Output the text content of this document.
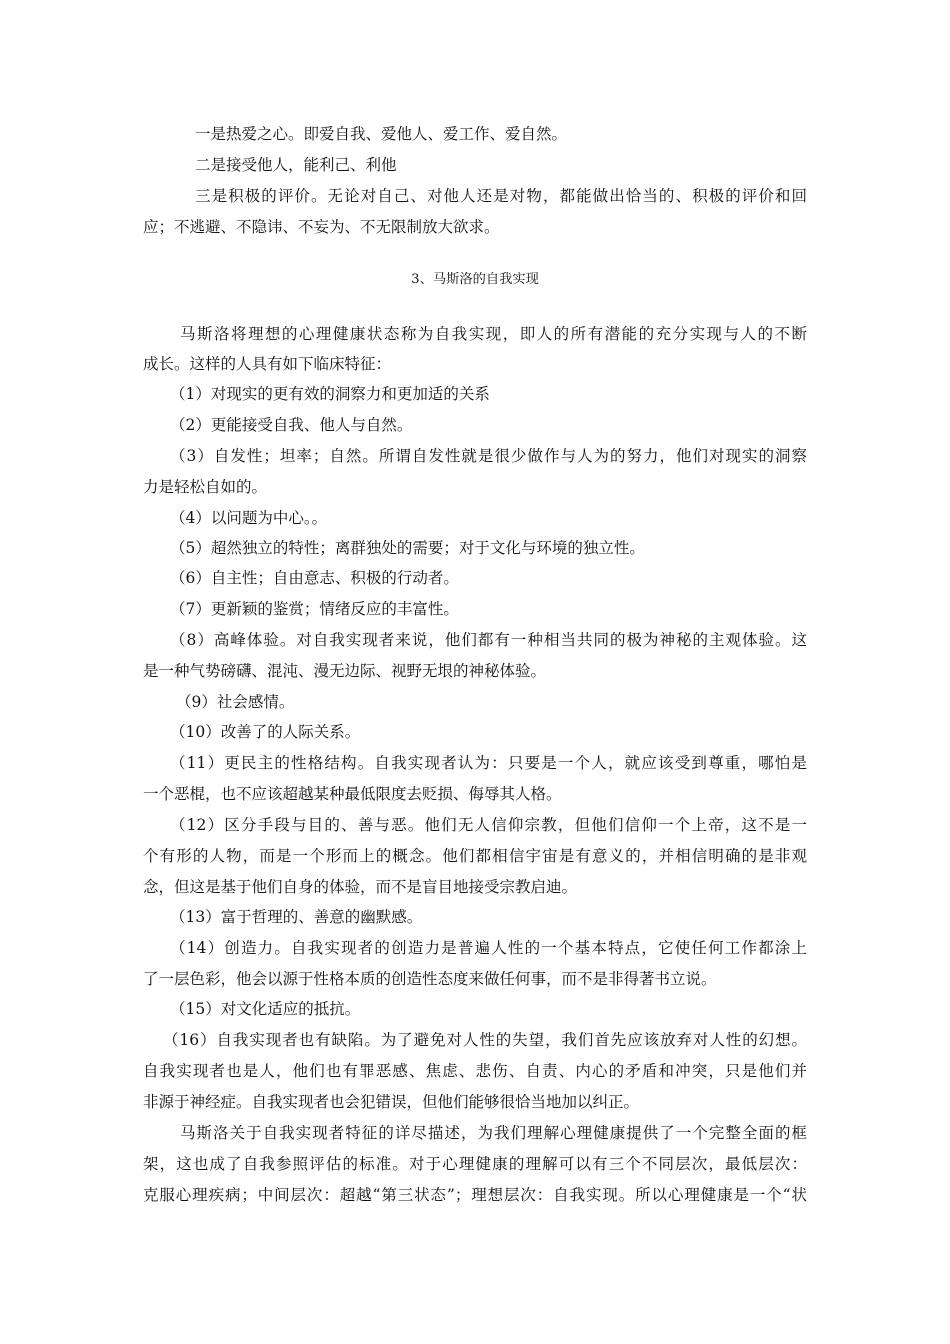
一是热爱之心。即爱自我、爱他人、爱工作、爱自然。
二是接受他人，能利己、利他
三是积极的评价。无论对自己、对他人还是对物，都能做出恰当的、积极的评价和回
应；不逃避、不隐讳、不妄为、不无限制放大欲求。
3、马斯洛的自我实现
马斯洛将理想的心理健康状态称为自我实现，即人的所有潜能的充分实现与人的不断
成长。这样的人具有如下临床特征：
（1）对现实的更有效的洞察力和更加适的关系
（2）更能接受自我、他人与自然。
（3）自发性；坦率；自然。所谓自发性就是很少做作与人为的努力，他们对现实的洞察
力是轻松自如的。
（4）以问题为中心。。
（5）超然独立的特性；离群独处的需要；对于文化与环境的独立性。
（6）自主性；自由意志、积极的行动者。
（7）更新颖的鉴赏；情绪反应的丰富性。
（8）高峰体验。对自我实现者来说，他们都有一种相当共同的极为神秘的主观体验。这
是一种气势磅礴、混沌、漫无边际、视野无垠的神秘体验。
（9）社会感情。
（10）改善了的人际关系。
（11）更民主的性格结构。自我实现者认为：只要是一个人，就应该受到尊重，哪怕是
一个恶棍，也不应该超越某种最低限度去贬损、侮辱其人格。
（12）区分手段与目的、善与恶。他们无人信仰宗教，但他们信仰一个上帝，这不是一
个有形的人物，而是一个形而上的概念。他们都相信宇宙是有意义的，并相信明确的是非观
念，但这是基于他们自身的体验，而不是盲目地接受宗教启迪。
（13）富于哲理的、善意的幽默感。
（14）创造力。自我实现者的创造力是普遍人性的一个基本特点，它使任何工作都涂上
了一层色彩，他会以源于性格本质的创造性态度来做任何事，而不是非得著书立说。
（15）对文化适应的抵抗。
（16）自我实现者也有缺陷。为了避免对人性的失望，我们首先应该放弃对人性的幻想。
自我实现者也是人，他们也有罪恶感、焦虑、悲伤、自责、内心的矛盾和冲突，只是他们并
非源于神经症。自我实现者也会犯错误，但他们能够很恰当地加以纠正。
马斯洛关于自我实现者特征的详尽描述，为我们理解心理健康提供了一个完整全面的框
架，这也成了自我参照评估的标准。对于心理健康的理解可以有三个不同层次，最低层次：
克服心理疾病；中间层次：超越“第三状态”；理想层次：自我实现。所以心理健康是一个“状
